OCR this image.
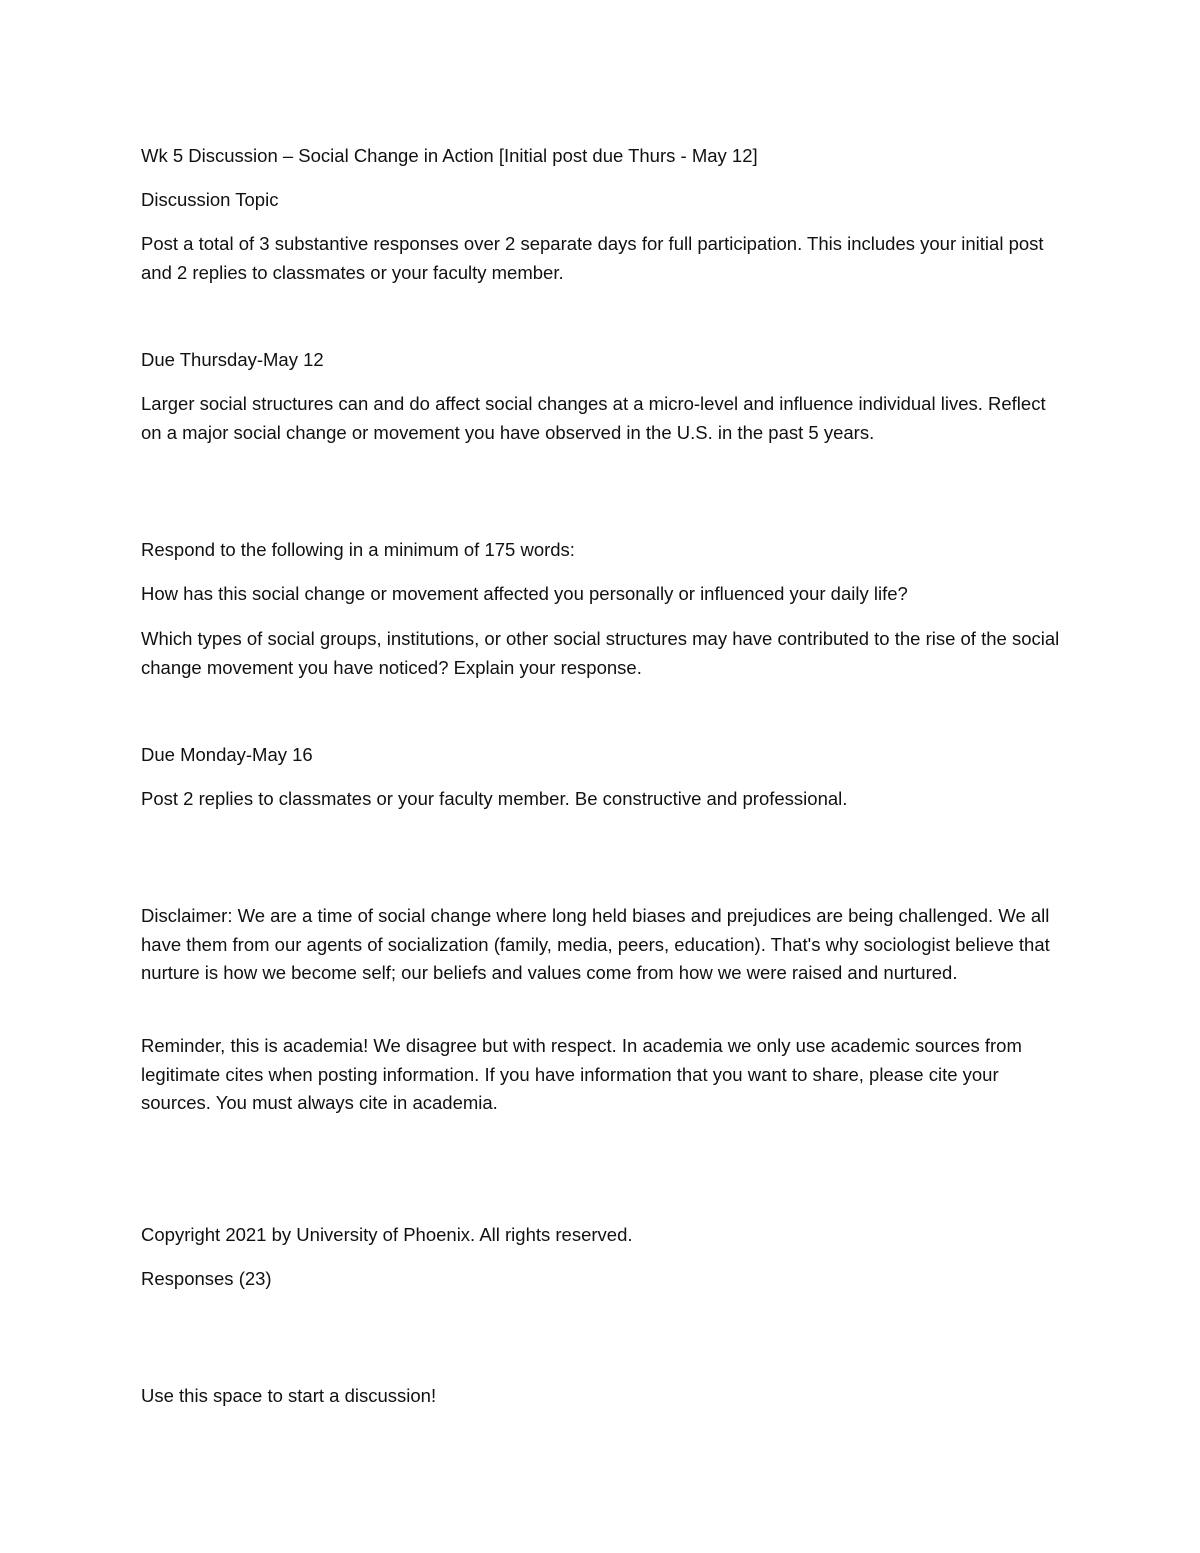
Wk 5 Discussion – Social Change in Action [Initial post due Thurs - May 12]

Discussion Topic

Post a total of 3 substantive responses over 2 separate days for full participation. This includes your initial post and 2 replies to classmates or your faculty member.

Due Thursday-May 12

Larger social structures can and do affect social changes at a micro-level and influence individual lives. Reflect on a major social change or movement you have observed in the U.S. in the past 5 years.

Respond to the following in a minimum of 175 words:

How has this social change or movement affected you personally or influenced your daily life?

Which types of social groups, institutions, or other social structures may have contributed to the rise of the social change movement you have noticed? Explain your response.

Due Monday-May 16

Post 2 replies to classmates or your faculty member. Be constructive and professional.

Disclaimer: We are a time of social change where long held biases and prejudices are being challenged. We all have them from our agents of socialization (family, media, peers, education). That's why sociologist believe that nurture is how we become self; our beliefs and values come from how we were raised and nurtured.

Reminder, this is academia! We disagree but with respect. In academia we only use academic sources from legitimate cites when posting information. If you have information that you want to share, please cite your sources. You must always cite in academia.

Copyright 2021 by University of Phoenix. All rights reserved.

Responses (23)

Use this space to start a discussion!
